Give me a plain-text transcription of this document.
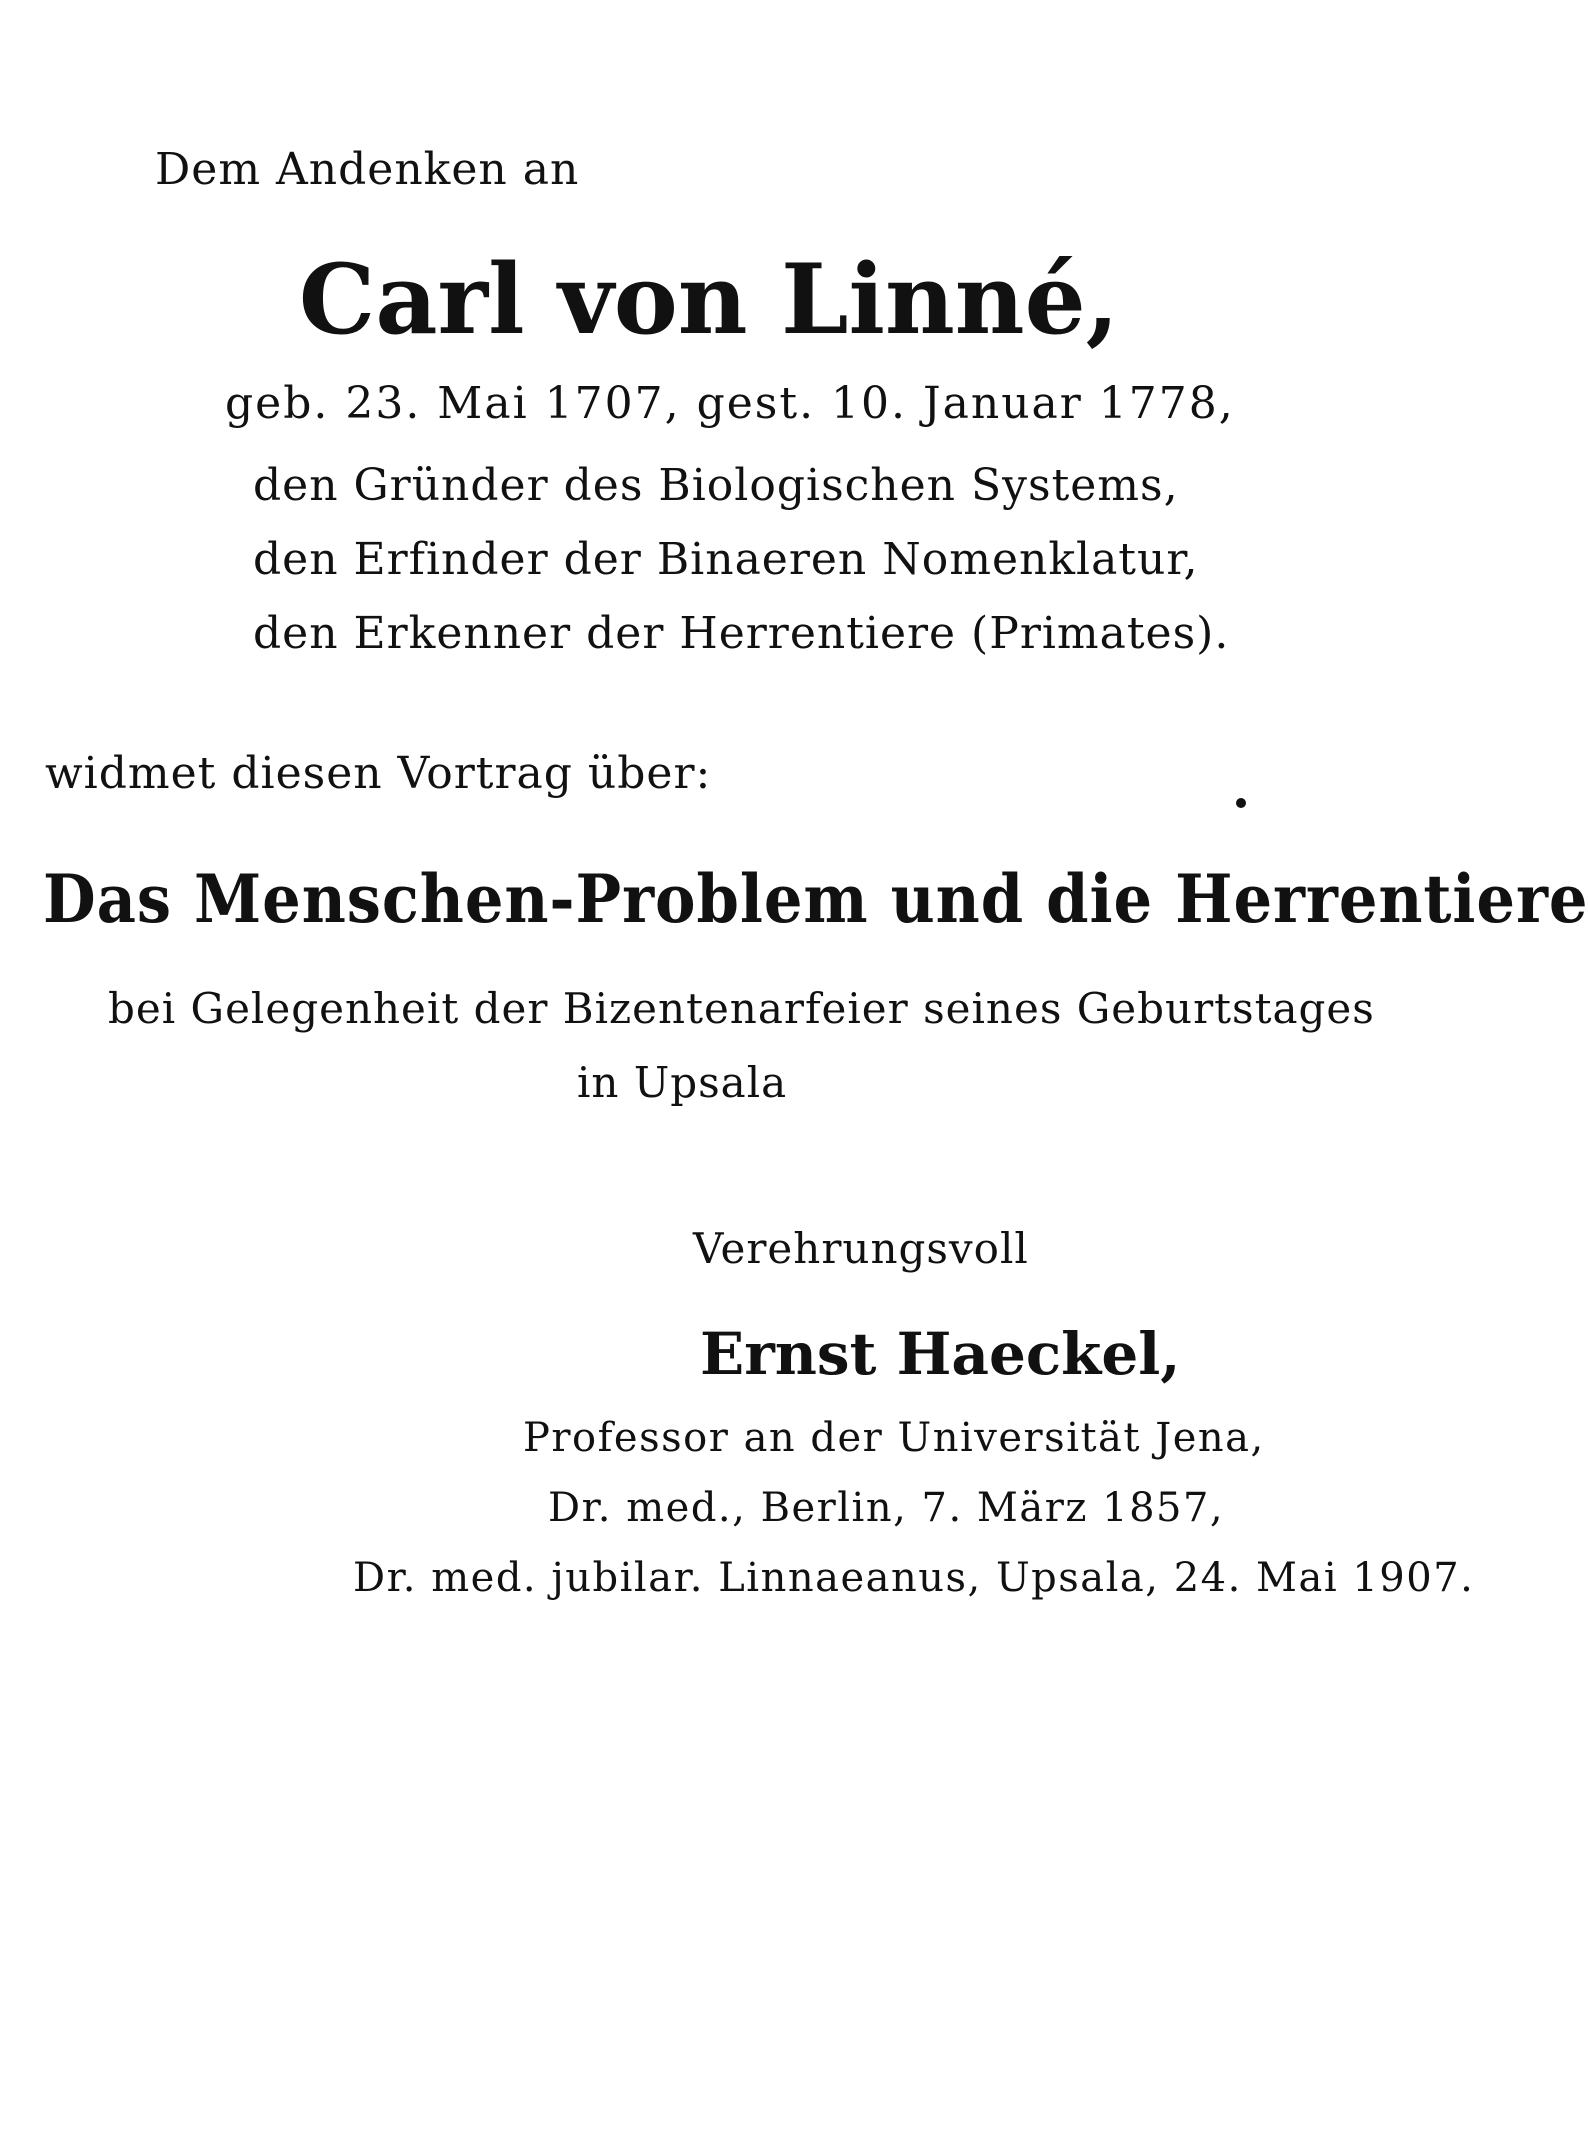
Dem Andenken an
Carl von Linné,
geb. 23. Mai 1707, gest. 10. Januar 1778,
den Gründer des Biologischen Systems,
den Erfinder der Binaeren Nomenklatur,
den Erkenner der Herrentiere (Primates).
widmet diesen Vortrag über:
Das Menschen-Problem und die Herrentiere
bei Gelegenheit der Bizentenarfeier seines Geburtstages
in Upsala
Verehrungsvoll
Ernst Haeckel,
Professor an der Universität Jena,
Dr. med., Berlin, 7. März 1857,
Dr. med. jubilar. Linnaeanus, Upsala, 24. Mai 1907.
